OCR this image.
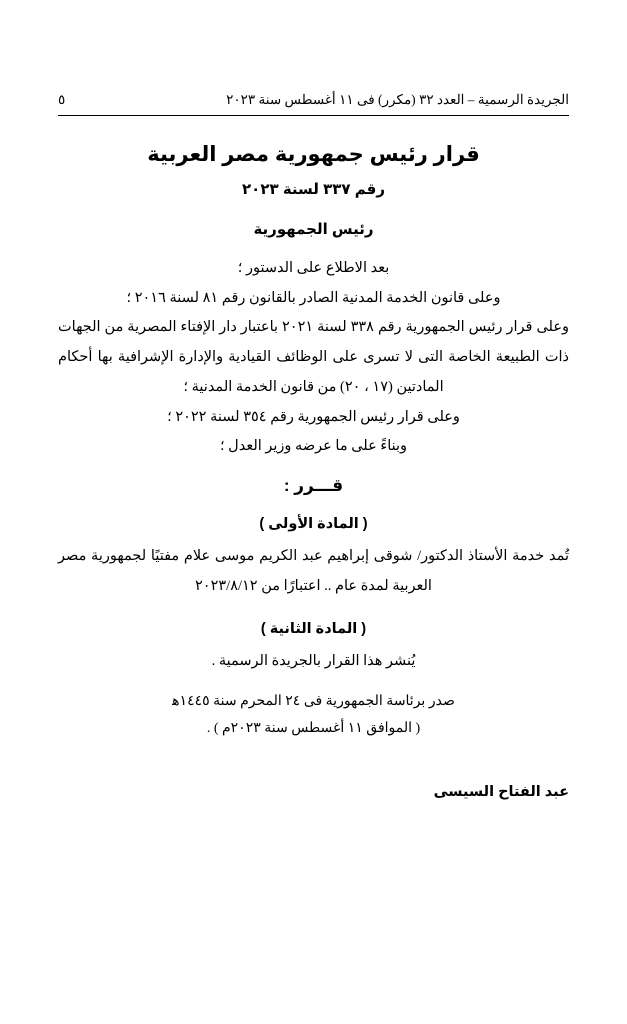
الجريدة الرسمية – العدد ٣٢ (مكرر) فى ١١ أغسطس سنة ٢٠٢٣
٥
قرار رئيس جمهورية مصر العربية
رقم ٣٣٧ لسنة ٢٠٢٣
رئيس الجمهورية
بعد الاطلاع على الدستور ؛
وعلى قانون الخدمة المدنية الصادر بالقانون رقم ٨١ لسنة ٢٠١٦ ؛
وعلى قرار رئيس الجمهورية رقم ٣٣٨ لسنة ٢٠٢١ باعتبار دار الإفتاء المصرية من الجهات ذات الطبيعة الخاصة التى لا تسرى على الوظائف القيادية والإدارة الإشرافية بها أحكام المادتين (١٧ ، ٢٠) من قانون الخدمة المدنية ؛
وعلى قرار رئيس الجمهورية رقم ٣٥٤ لسنة ٢٠٢٢ ؛
وبناءً على ما عرضه وزير العدل ؛
قـــرر :
( المادة الأولى )
تُمد خدمة الأستاذ الدكتور/ شوقى إبراهيم عبد الكريم موسى علام مفتيًا لجمهورية مصر العربية لمدة عام .. اعتبارًا من ٢٠٢٣/٨/١٢
( المادة الثانية )
يُنشر هذا القرار بالجريدة الرسمية .
صدر برئاسة الجمهورية فى ٢٤ المحرم سنة ١٤٤٥ﻫ
( الموافق ١١ أغسطس سنة ٢٠٢٣م ) .
عبد الفتاح السيسى
